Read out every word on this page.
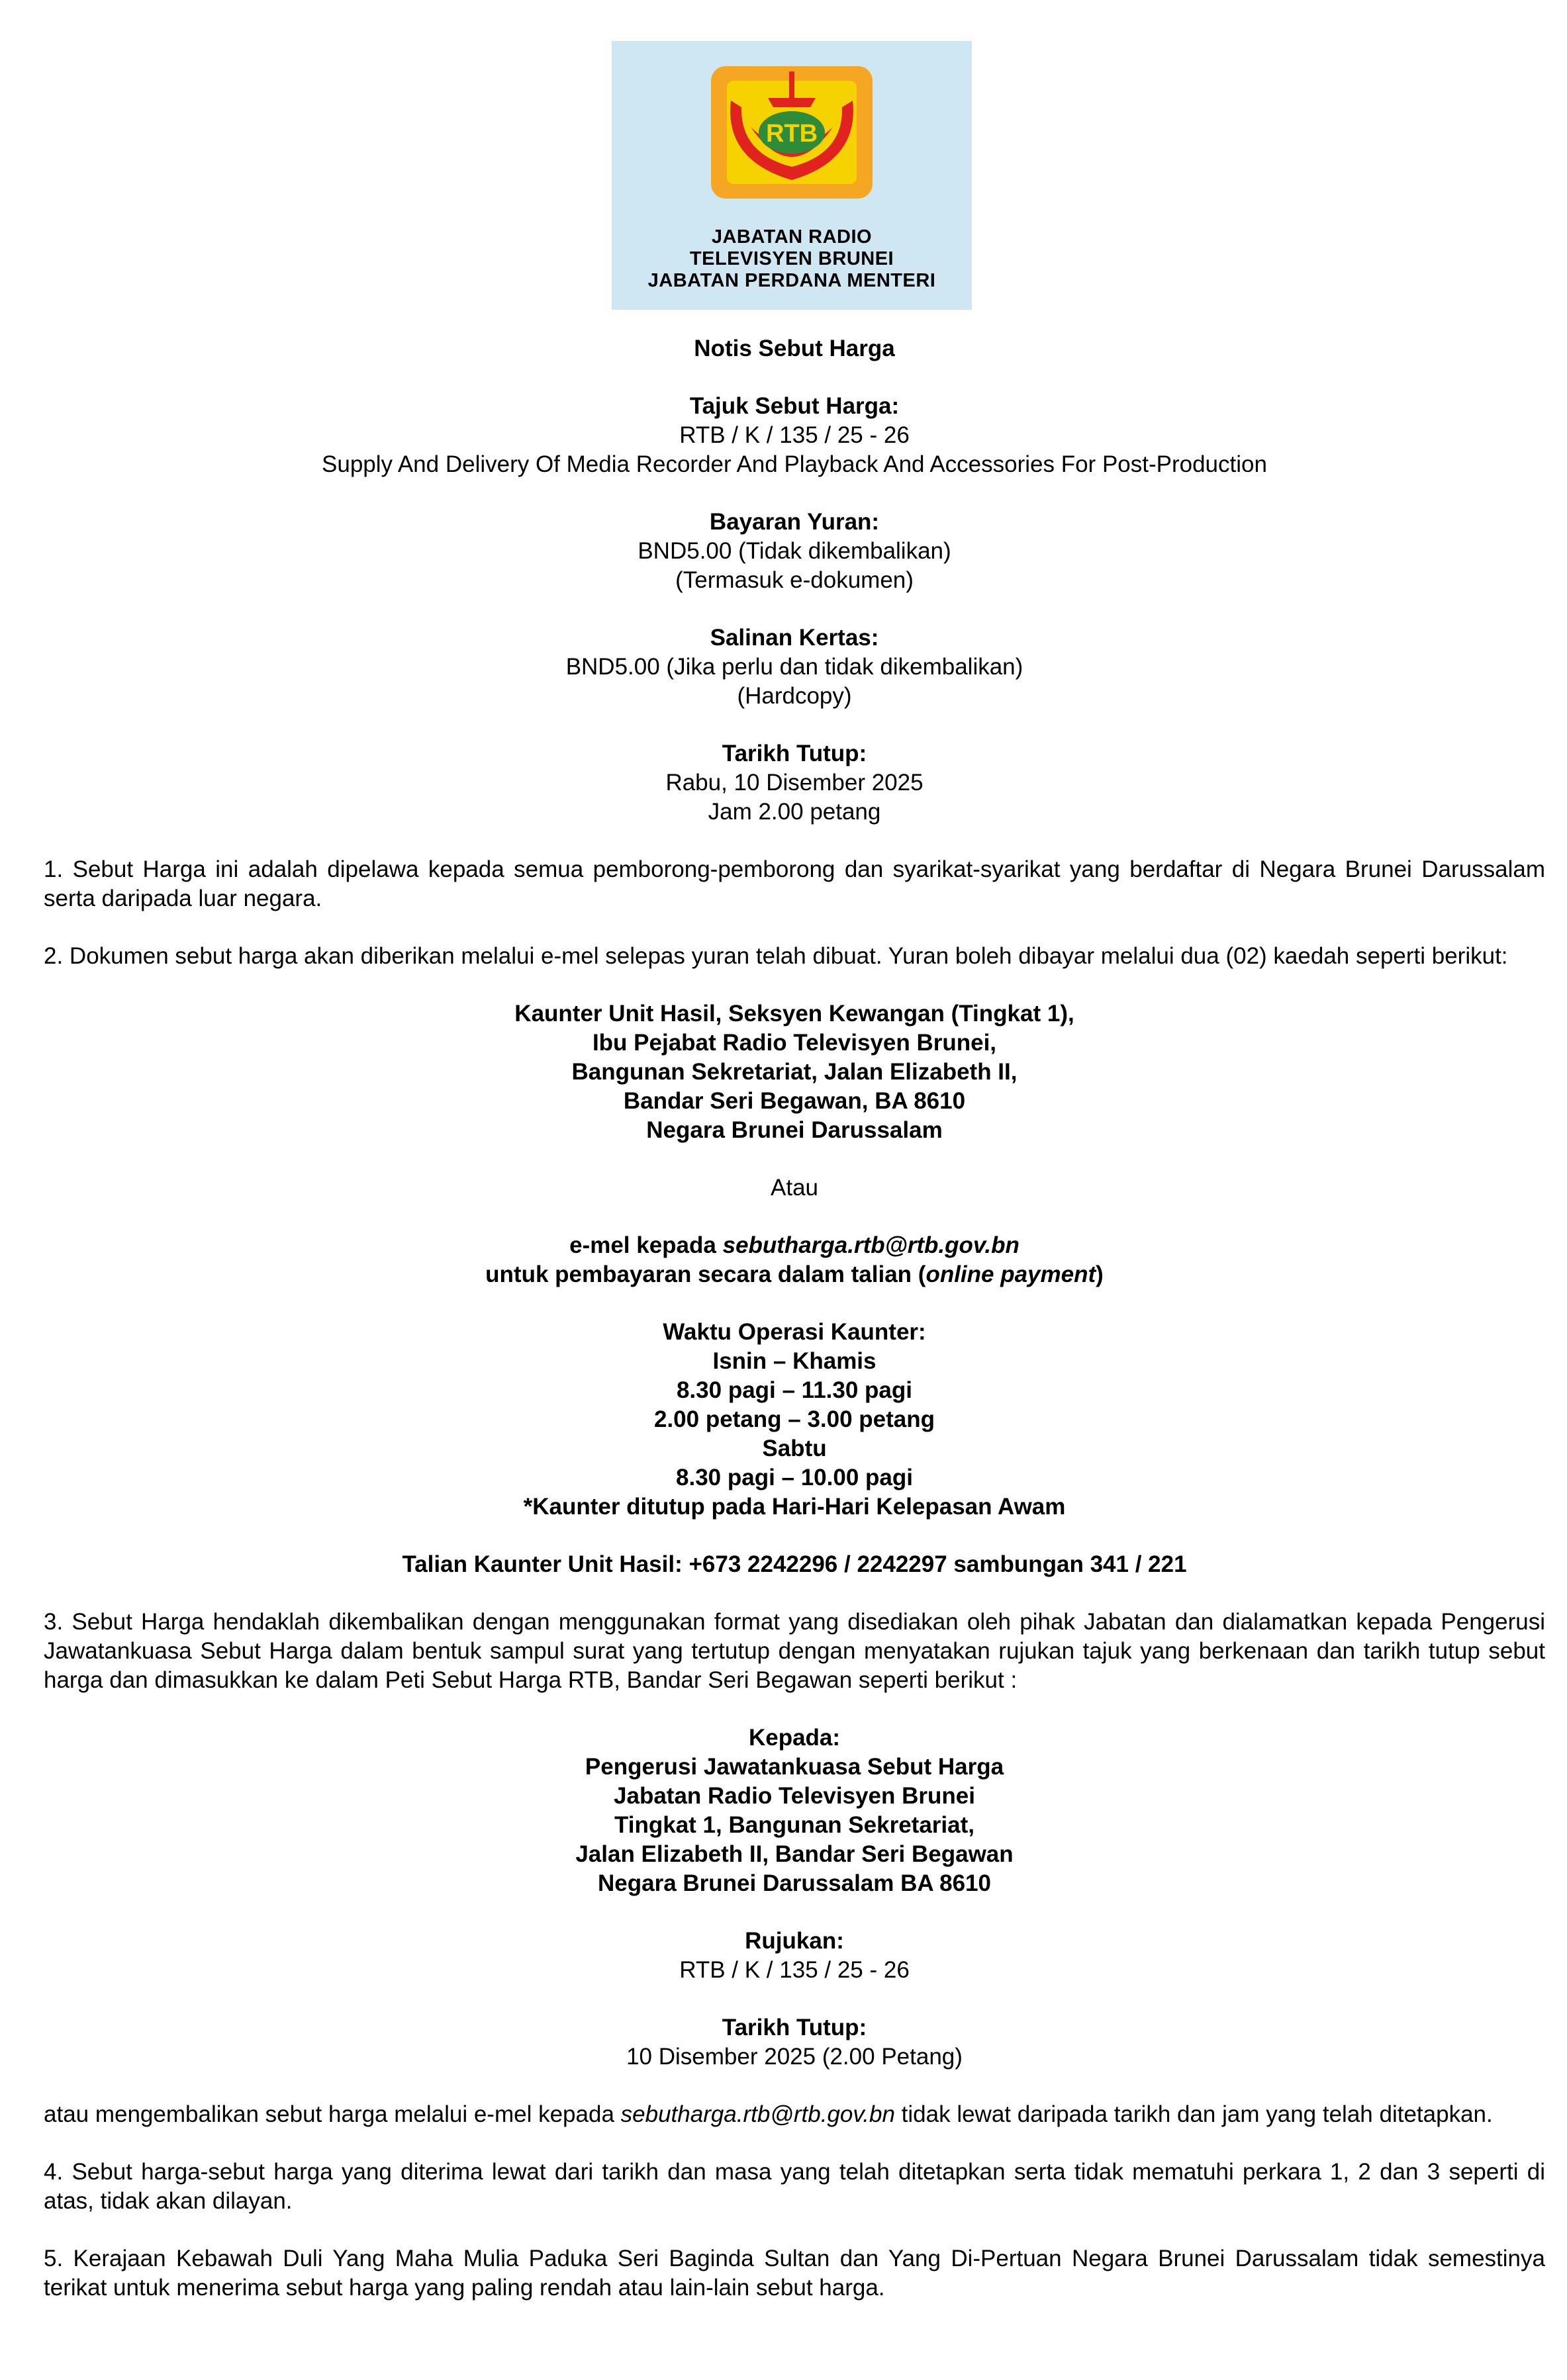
RTB
JABATAN RADIO
TELEVISYEN BRUNEI
JABATAN PERDANA MENTERI

Notis Sebut Harga

Tajuk Sebut Harga:

RTB / K / 135 / 25 - 26

Supply And Delivery Of Media Recorder And Playback And Accessories For Post-Production

Bayaran Yuran:

BND5.00 (Tidak dikembalikan)

(Termasuk e-dokumen)

Salinan Kertas:

BND5.00 (Jika perlu dan tidak dikembalikan)

(Hardcopy)

Tarikh Tutup:

Rabu, 10 Disember 2025

Jam 2.00 petang

1. Sebut Harga ini adalah dipelawa kepada semua pemborong-pemborong dan syarikat-syarikat yang berdaftar di Negara Brunei Darussalam serta daripada luar negara.

2. Dokumen sebut harga akan diberikan melalui e-mel selepas yuran telah dibuat. Yuran boleh dibayar melalui dua (02) kaedah seperti berikut:

Kaunter Unit Hasil, Seksyen Kewangan (Tingkat 1),

Ibu Pejabat Radio Televisyen Brunei,

Bangunan Sekretariat, Jalan Elizabeth II,

Bandar Seri Begawan, BA 8610

Negara Brunei Darussalam

Atau

e-mel kepada sebutharga.rtb@rtb.gov.bn

untuk pembayaran secara dalam talian (online payment)

Waktu Operasi Kaunter:

Isnin – Khamis

8.30 pagi – 11.30 pagi

2.00 petang – 3.00 petang

Sabtu

8.30 pagi – 10.00 pagi

*Kaunter ditutup pada Hari-Hari Kelepasan Awam

Talian Kaunter Unit Hasil: +673 2242296 / 2242297 sambungan 341 / 221

3. Sebut Harga hendaklah dikembalikan dengan menggunakan format yang disediakan oleh pihak Jabatan dan dialamatkan kepada Pengerusi Jawatankuasa Sebut Harga dalam bentuk sampul surat yang tertutup dengan menyatakan rujukan tajuk yang berkenaan dan tarikh tutup sebut harga dan dimasukkan ke dalam Peti Sebut Harga RTB, Bandar Seri Begawan seperti berikut :

Kepada:

Pengerusi Jawatankuasa Sebut Harga

Jabatan Radio Televisyen Brunei

Tingkat 1, Bangunan Sekretariat,

Jalan Elizabeth II, Bandar Seri Begawan

Negara Brunei Darussalam BA 8610

Rujukan:

RTB / K / 135 / 25 - 26

Tarikh Tutup:

10 Disember 2025 (2.00 Petang)

atau mengembalikan sebut harga melalui e-mel kepada sebutharga.rtb@rtb.gov.bn tidak lewat daripada tarikh dan jam yang telah ditetapkan.

4. Sebut harga-sebut harga yang diterima lewat dari tarikh dan masa yang telah ditetapkan serta tidak mematuhi perkara 1, 2 dan 3 seperti di atas, tidak akan dilayan.

5. Kerajaan Kebawah Duli Yang Maha Mulia Paduka Seri Baginda Sultan dan Yang Di-Pertuan Negara Brunei Darussalam tidak semestinya terikat untuk menerima sebut harga yang paling rendah atau lain-lain sebut harga.
